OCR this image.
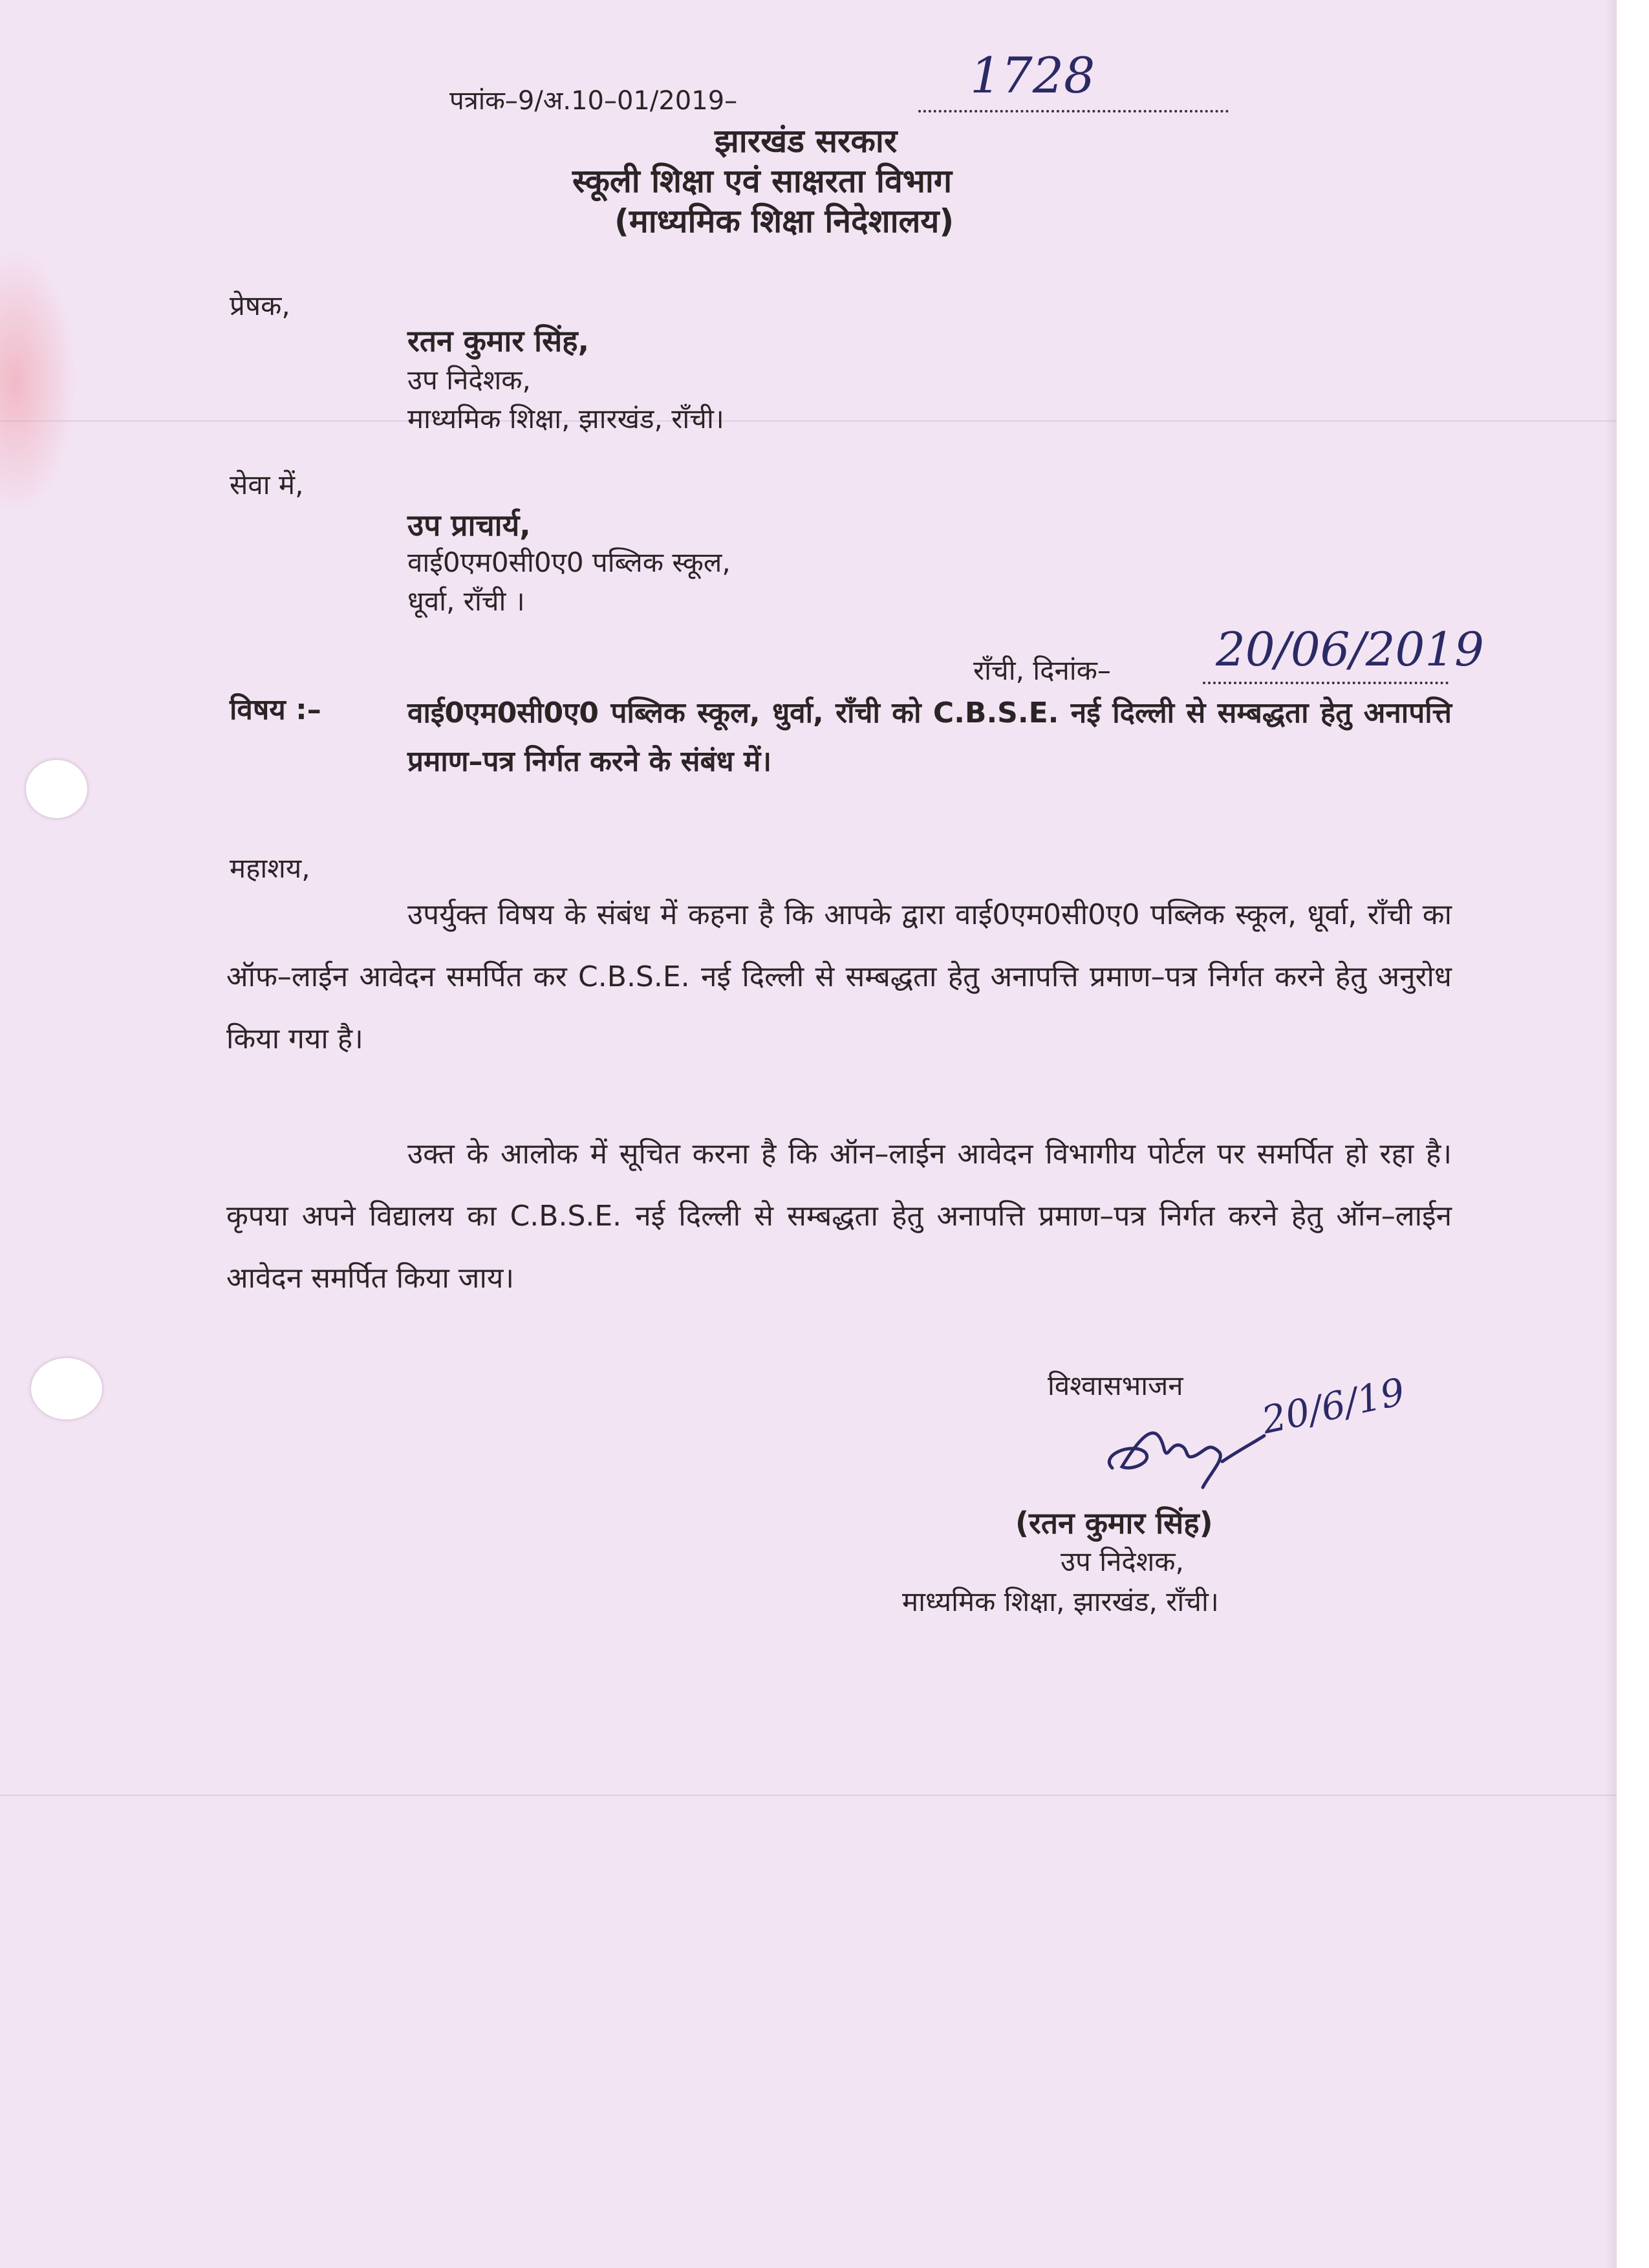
पत्रांक–9/अ.10–01/2019–	1728
झारखंड सरकार
स्कूली शिक्षा एवं साक्षरता विभाग
(माध्यमिक शिक्षा निदेशालय)
प्रेषक,
रतन कुमार सिंह,
उप निदेशक,
माध्यमिक शिक्षा, झारखंड, राँची।
सेवा में,
उप प्राचार्य,
वाई0एम0सी0ए0 पब्लिक स्कूल,
धूर्वा, राँची ।
राँची, दिनांक– 20/06/2019
विषय :–	वाई0एम0सी0ए0 पब्लिक स्कूल, धुर्वा, राँची को C.B.S.E. नई दिल्ली से सम्बद्धता हेतु अनापत्ति प्रमाण–पत्र निर्गत करने के संबंध में।
महाशय,
उपर्युक्त विषय के संबंध में कहना है कि आपके द्वारा वाई0एम0सी0ए0 पब्लिक स्कूल, धूर्वा, राँची का ऑफ–लाईन आवेदन समर्पित कर C.B.S.E. नई दिल्ली से सम्बद्धता हेतु अनापत्ति प्रमाण–पत्र निर्गत करने हेतु अनुरोध किया गया है।
उक्त के आलोक में सूचित करना है कि ऑन–लाईन आवेदन विभागीय पोर्टल पर समर्पित हो रहा है। कृपया अपने विद्यालय का C.B.S.E. नई दिल्ली से सम्बद्धता हेतु अनापत्ति प्रमाण–पत्र निर्गत करने हेतु ऑन–लाईन आवेदन समर्पित किया जाय।
विश्वासभाजन 20/6/19
(रतन कुमार सिंह)
उप निदेशक,
माध्यमिक शिक्षा, झारखंड, राँची।
